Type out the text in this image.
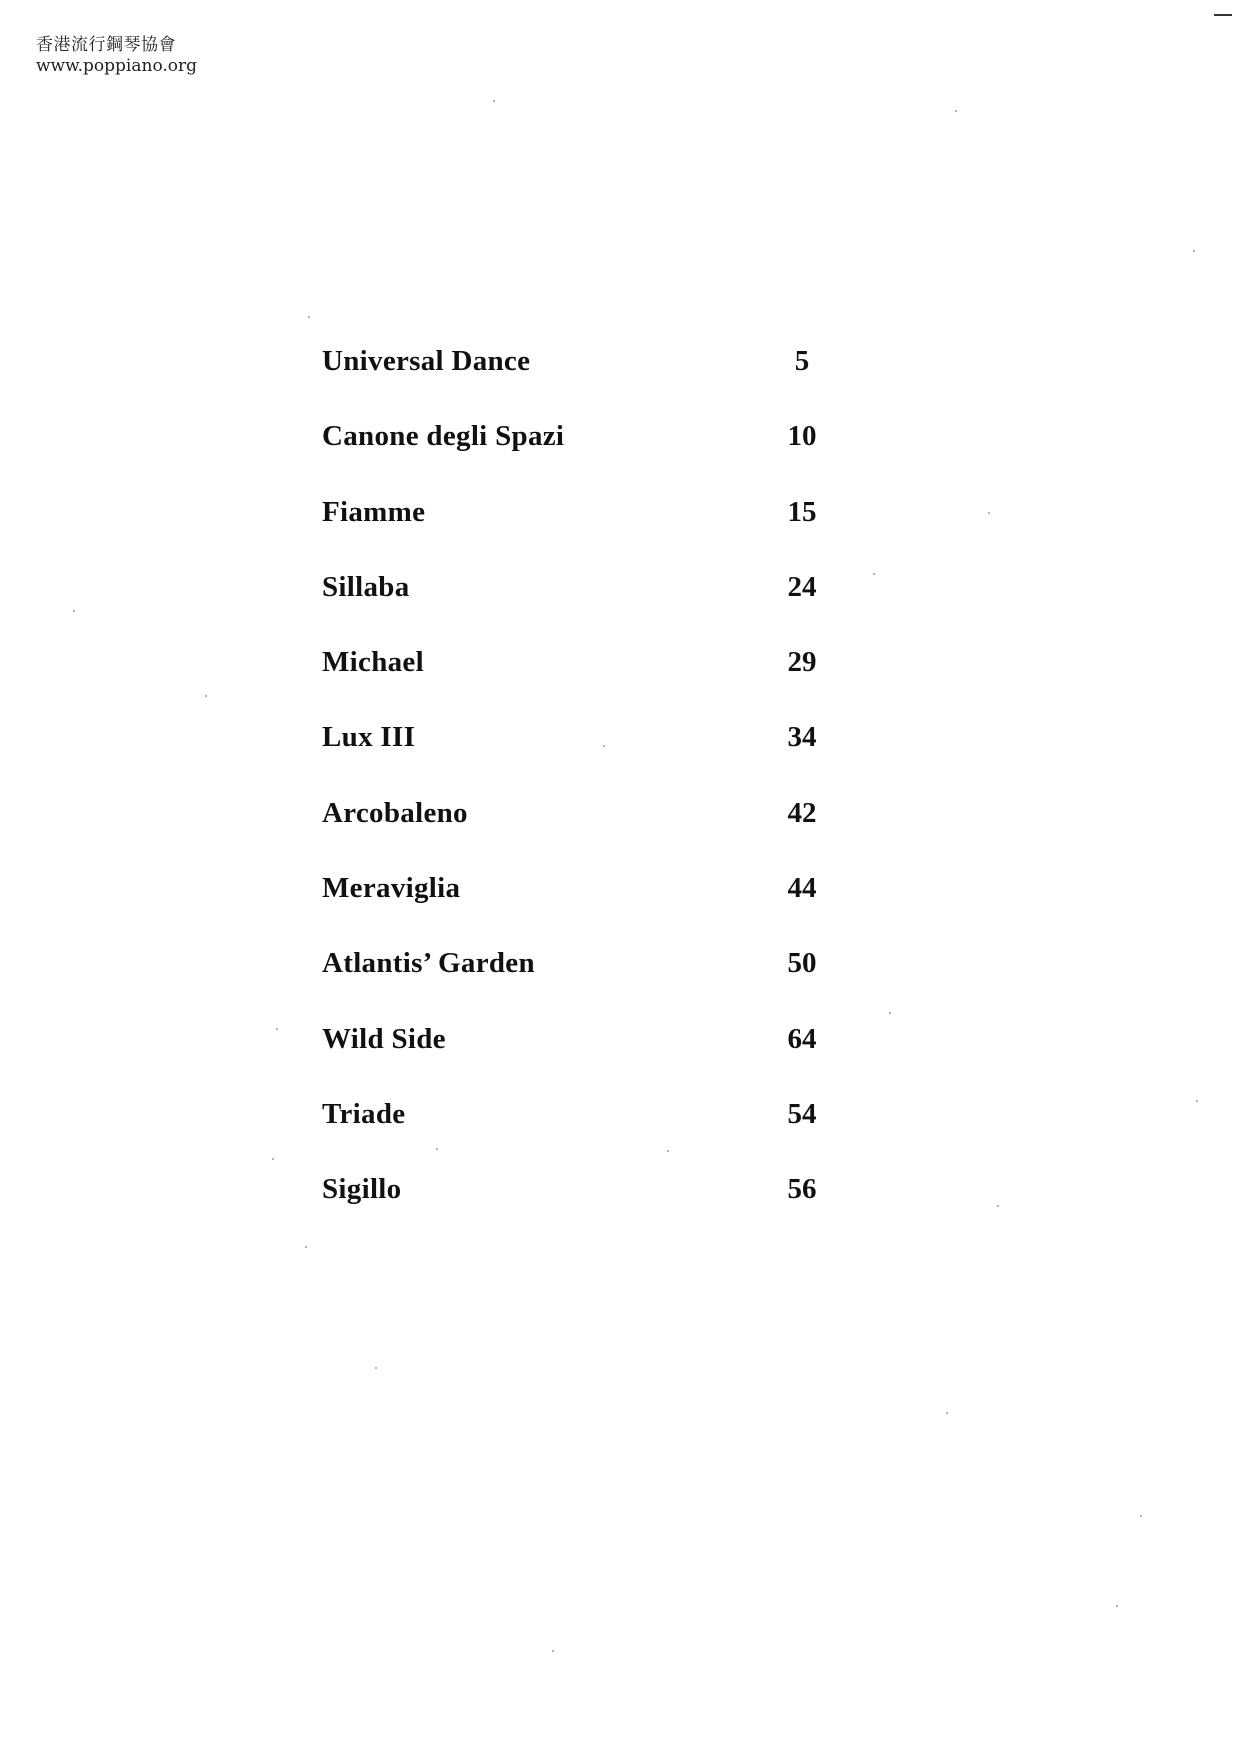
香港流行鋼琴協會
www.poppiano.org
Universal Dance	5
Canone degli Spazi	10
Fiamme	15
Sillaba	24
Michael	29
Lux III	34
Arcobaleno	42
Meraviglia	44
Atlantis’ Garden	50
Wild Side	64
Triade	54
Sigillo	56
